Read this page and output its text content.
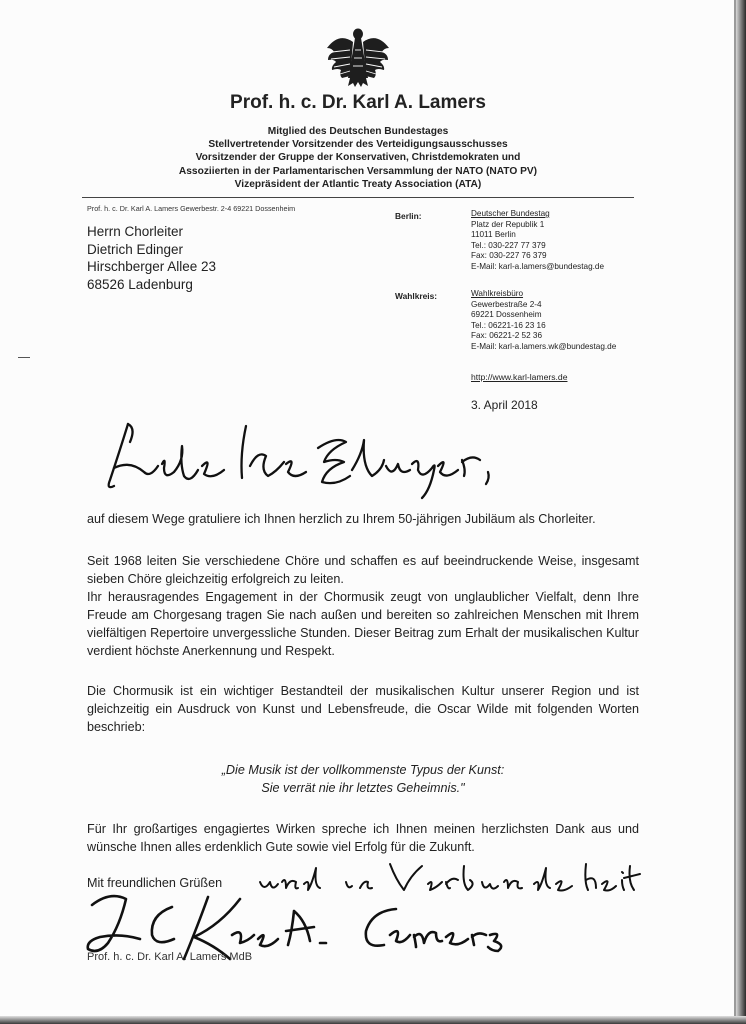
Prof. h. c. Dr. Karl A. Lamers
Mitglied des Deutschen Bundestages
Stellvertretender Vorsitzender des Verteidigungsausschusses
Vorsitzender der Gruppe der Konservativen, Christdemokraten und
Assoziierten in der Parlamentarischen Versammlung der NATO (NATO PV)
Vizepräsident der Atlantic Treaty Association (ATA)
Prof. h. c. Dr. Karl A. Lamers Gewerbestr. 2-4 69221 Dossenheim
Herrn Chorleiter
Dietrich Edinger
Hirschberger Allee 23
68526 Ladenburg
Berlin:	Deutscher Bundestag
Platz der Republik 1
11011 Berlin
Tel.: 030-227 77 379
Fax: 030-227 76 379
E-Mail: karl-a.lamers@bundestag.de
Wahlkreis:	Wahlkreisbüro
Gewerbestraße 2-4
69221 Dossenheim
Tel.: 06221-16 23 16
Fax: 06221-2 52 36
E-Mail: karl-a.lamers.wk@bundestag.de
http://www.karl-lamers.de
3. April 2018
auf diesem Wege gratuliere ich Ihnen herzlich zu Ihrem 50-jährigen Jubiläum als Chorleiter.
Seit 1968 leiten Sie verschiedene Chöre und schaffen es auf beeindruckende Weise, insgesamt sieben Chöre gleichzeitig erfolgreich zu leiten.
Ihr herausragendes Engagement in der Chormusik zeugt von unglaublicher Vielfalt, denn Ihre Freude am Chorgesang tragen Sie nach außen und bereiten so zahlreichen Menschen mit Ihrem vielfältigen Repertoire unvergessliche Stunden. Dieser Beitrag zum Erhalt der musikalischen Kultur verdient höchste Anerkennung und Respekt.
Die Chormusik ist ein wichtiger Bestandteil der musikalischen Kultur unserer Region und ist gleichzeitig ein Ausdruck von Kunst und Lebensfreude, die Oscar Wilde mit folgenden Worten beschrieb:
„Die Musik ist der vollkommenste Typus der Kunst:
Sie verrät nie ihr letztes Geheimnis."
Für Ihr großartiges engagiertes Wirken spreche ich Ihnen meinen herzlichsten Dank aus und wünsche Ihnen alles erdenklich Gute sowie viel Erfolg für die Zukunft.
Mit freundlichen Grüßen
Prof. h. c. Dr. Karl A. Lamers MdB
